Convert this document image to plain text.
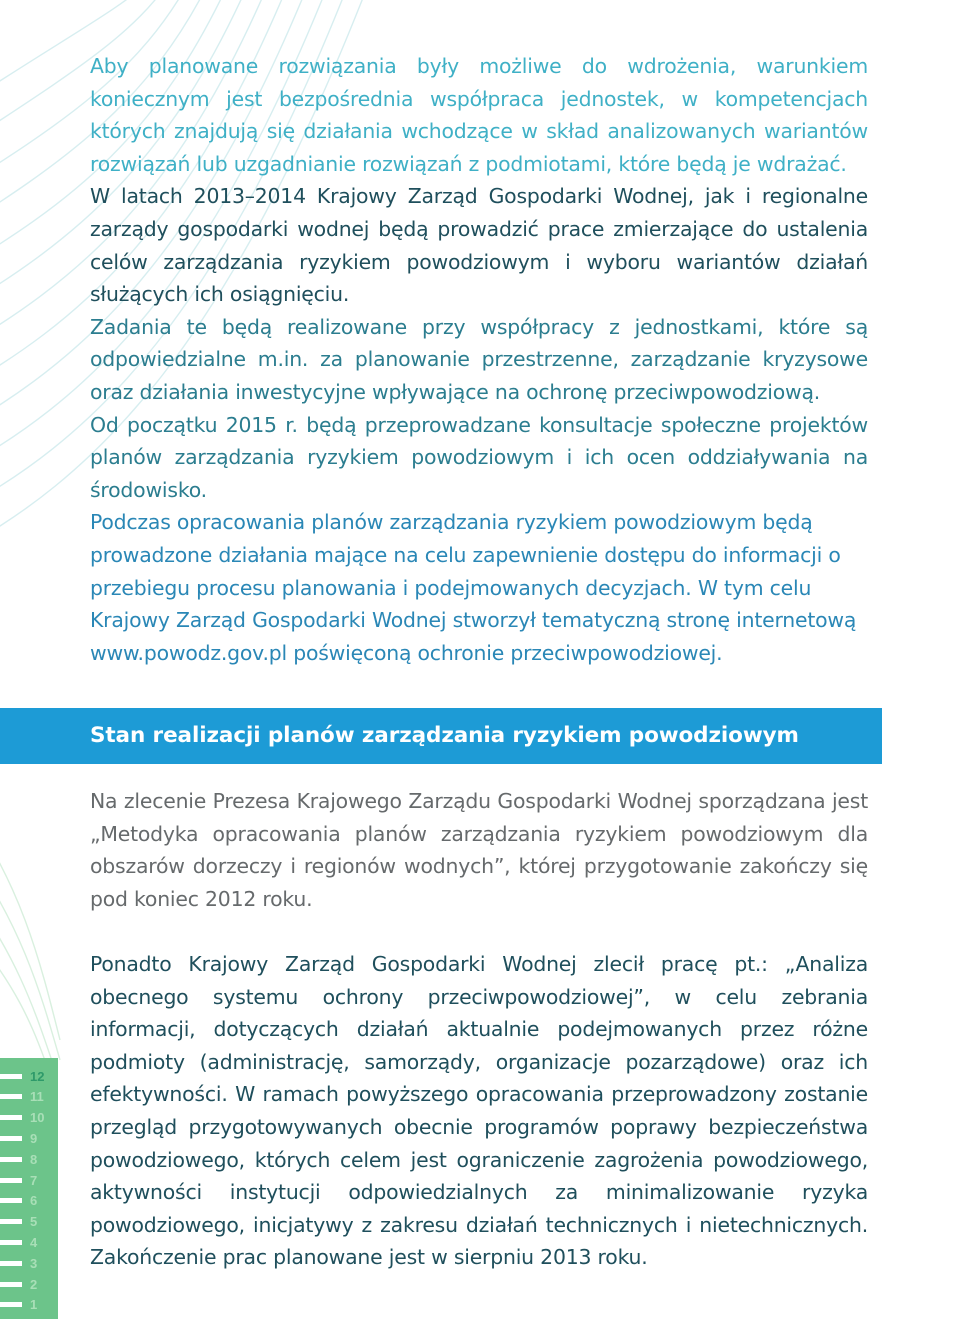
Aby planowane rozwiązania były możliwe do wdrożenia, warunkiem koniecznym jest bezpośrednia współpraca jednostek, w kompetencjach których znajdują się działania wchodzące w skład analizowanych wariantów rozwiązań lub uzgadnianie rozwiązań z podmiotami, które będą je wdrażać.

W latach 2013–2014 Krajowy Zarząd Gospodarki Wodnej, jak i regionalne zarządy gospodarki wodnej będą prowadzić prace zmierzające do ustalenia celów zarządzania ryzykiem powodziowym i wyboru wariantów działań służących ich osiągnięciu.

Zadania te będą realizowane przy współpracy z jednostkami, które są odpowiedzialne m.in. za planowanie przestrzenne, zarządzanie kryzysowe oraz działania inwestycyjne wpływające na ochronę przeciwpowodziową.

Od początku 2015 r. będą przeprowadzane konsultacje społeczne projektów planów zarządzania ryzykiem powodziowym i ich ocen oddziaływania na środowisko.

Podczas opracowania planów zarządzania ryzykiem powodziowym będą prowadzone działania mające na celu zapewnienie dostępu do informacji o przebiegu procesu planowania i podejmowanych decyzjach. W tym celu Krajowy Zarząd Gospodarki Wodnej stworzył tematyczną stronę internetową www.powodz.gov.pl poświęconą ochronie przeciwpowodziowej.

Stan realizacji planów zarządzania ryzykiem powodziowym

Na zlecenie Prezesa Krajowego Zarządu Gospodarki Wodnej sporządzana jest „Metodyka opracowania planów zarządzania ryzykiem powodziowym dla obszarów dorzeczy i regionów wodnych”, której przygotowanie zakończy się pod koniec 2012 roku.

Ponadto Krajowy Zarząd Gospodarki Wodnej zlecił pracę pt.: „Analiza obecnego systemu ochrony przeciwpowodziowej”, w celu zebrania informacji, dotyczących działań aktualnie podejmowanych przez różne podmioty (administrację, samorządy, organizacje pozarządowe) oraz ich efektywności. W ramach powyższego opracowania przeprowadzony zostanie przegląd przygotowywanych obecnie programów poprawy bezpieczeństwa powodziowego, których celem jest ograniczenie zagrożenia powodziowego, aktywności instytucji odpowiedzialnych za minimalizowanie ryzyka powodziowego, inicjatywy z zakresu działań technicznych i nietechnicznych. Zakończenie prac planowane jest w sierpniu 2013 roku.

12
11
10
9
8
7
6
5
4
3
2
1
